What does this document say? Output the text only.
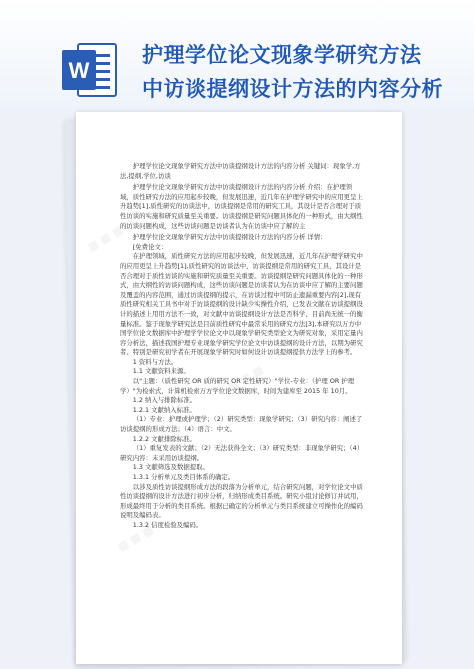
W
护理学位论文现象学研究方法
中访谈提纲设计方法的内容分析
▦ ▦ ▦
▦ ▦ ▦
▦ ▦ ▦

护理学位论文现象学研究方法中访谈提纲设计方法的内容分析 关键词：现象学,方法,提纲,学位,访谈

护理学位论文现象学研究方法中访谈提纲设计方法的内容分析 介绍：在护理领域，质性研究方法的应用起步较晚，但发展迅速，近几年在护理学研究中的应用更呈上升趋势[1],质性研究的访谈法中，访谈提纲是常用的研究工具，其设计是否合理对于质性访谈的实施和研究质量至关重要。访谈提纲是研究问题具体化的一种形式，由大纲性的访谈问题构成，这些访谈问题是访谈者认为在访谈中应了解的主

护理学位论文现象学研究方法中访谈提纲设计方法的内容分析 详情：

[免费论文：

在护理领域，质性研究方法的应用起步较晚，但发展迅速，近几年在护理学研究中的应用更呈上升趋势[1],质性研究的访谈法中，访谈提纲是常用的研究工具，其设计是否合理对于质性访谈的实施和研究质量至关重要。访谈提纲是研究问题具体化的一种形式，由大纲性的访谈问题构成，这些访谈问题是访谈者认为在访谈中应了解的主要问题及覆盖的内容范围，通过访谈提纲的提示，在访谈过程中可防止遗漏重要内容[2],现有质性研究相关工具书中对于访谈提纲的设计缺少实操性介绍，已发表文献在访谈提纲设计的描述上用用方法不一致，对文献中访谈提纲设计方法是否科学、目前尚无统一的衡量标准。鉴于现象学研究法是目前质性研究中最常采用的研究方法[3],本研究以万方中国学位论文数据库中护理学学位论文中以现象学研究类型论文为研究对象，采用定量内容分析法，描述我国护理专业现象学研究学位论文中访谈提纲的设计方法，以期为研究者、特别是研究初学者在开展现象学研究时如何设计访谈提纲提供方法学上的参考。

1 资料与方法。

1.1 文献资料来源。

以"主题：（质性研究 OR 质的研究 OR 定性研究）"学位-专业：（护理 OR 护理学）"为检索式、计算机检索万方学位论文数据库，时间为建库至 2015 年 10月。

1.2 纳入与排除标准。

1.2.1 文献纳入标准。

（1）专业：护理或护理学；（2）研究类型：现象学研究；（3）研究内容：阐述了访谈提纲的形成方法；（4）语言：中文。

1.2.2 文献排除标准。

（1）重复发表的文献；（2）无法获得全文；（3）研究类型：非现象学研究；（4）研究内容：未采用访谈提纲。

1.3 文献筛选及数据提取。

1.3.1 分析单元及类目体系的确定。

以涉及质性访谈提纲形成方法的段落为分析单元，结合研究问题，对学位论文中质性访谈提纲的设计方法进行初步分析，归纳形成类目系统。研究小组讨论修订并试用，形成最终用于分析的类目系统。根据已确定的分析单元与类目系统建立可操作化的编码说明及编码表。

1.3.2 信度检验及编码。
